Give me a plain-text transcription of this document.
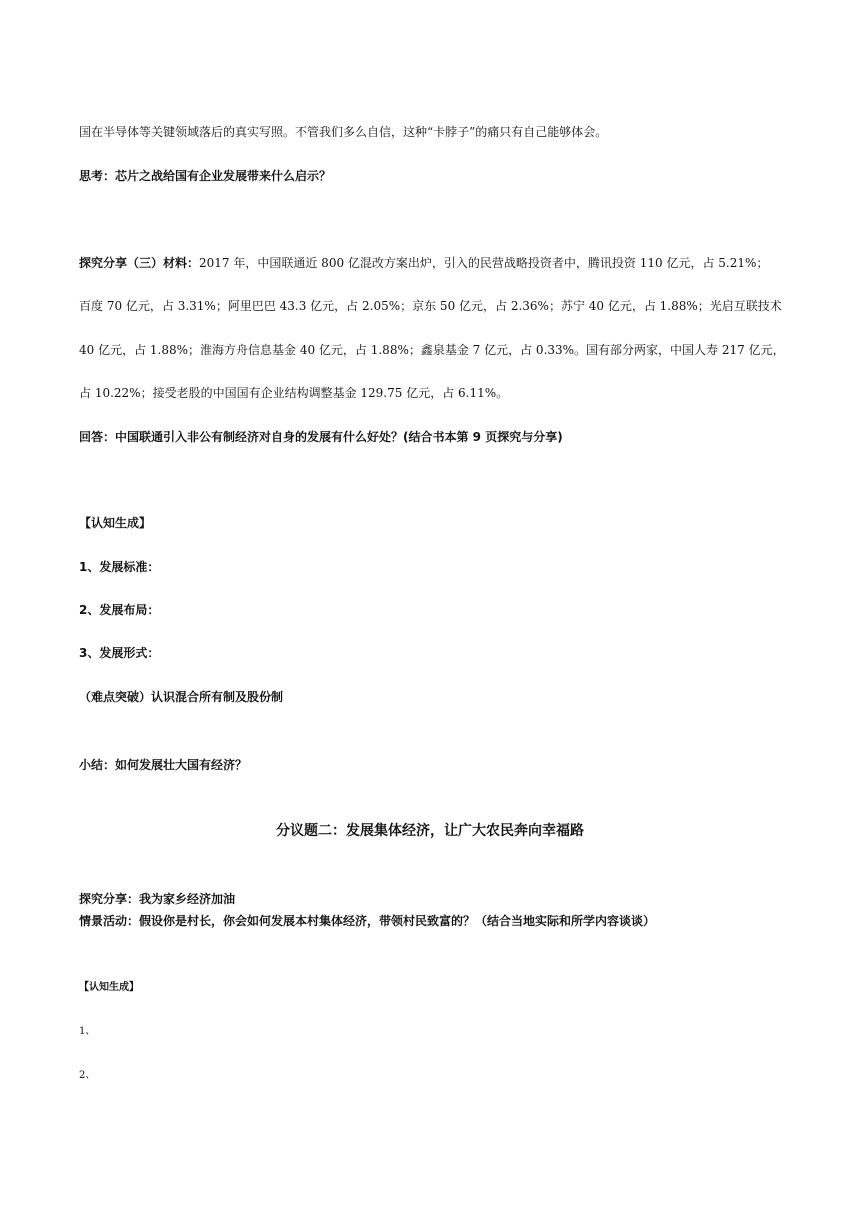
国在半导体等关键领域落后的真实写照。不管我们多么自信，这种“卡脖子”的痛只有自己能够体会。
思考：芯片之战给国有企业发展带来什么启示？
探究分享（三）材料：2017 年，中国联通近 800 亿混改方案出炉，引入的民营战略投资者中，腾讯投资 110 亿元，占 5.21%；
百度 70 亿元，占 3.31%；阿里巴巴 43.3 亿元，占 2.05%；京东 50 亿元，占 2.36%；苏宁 40 亿元，占 1.88%；光启互联技术
40 亿元，占 1.88%；淮海方舟信息基金 40 亿元，占 1.88%；鑫泉基金 7 亿元，占 0.33%。国有部分两家，中国人寿 217 亿元，
占 10.22%；接受老股的中国国有企业结构调整基金 129.75 亿元，占 6.11%。
回答：中国联通引入非公有制经济对自身的发展有什么好处？(结合书本第 9 页探究与分享)
【认知生成】
1、发展标准：
2、发展布局：
3、发展形式：
（难点突破）认识混合所有制及股份制
小结：如何发展壮大国有经济？
分议题二：发展集体经济，让广大农民奔向幸福路
探究分享：我为家乡经济加油
情景活动：假设你是村长，你会如何发展本村集体经济，带领村民致富的？（结合当地实际和所学内容谈谈）
【认知生成】
1、
2、
